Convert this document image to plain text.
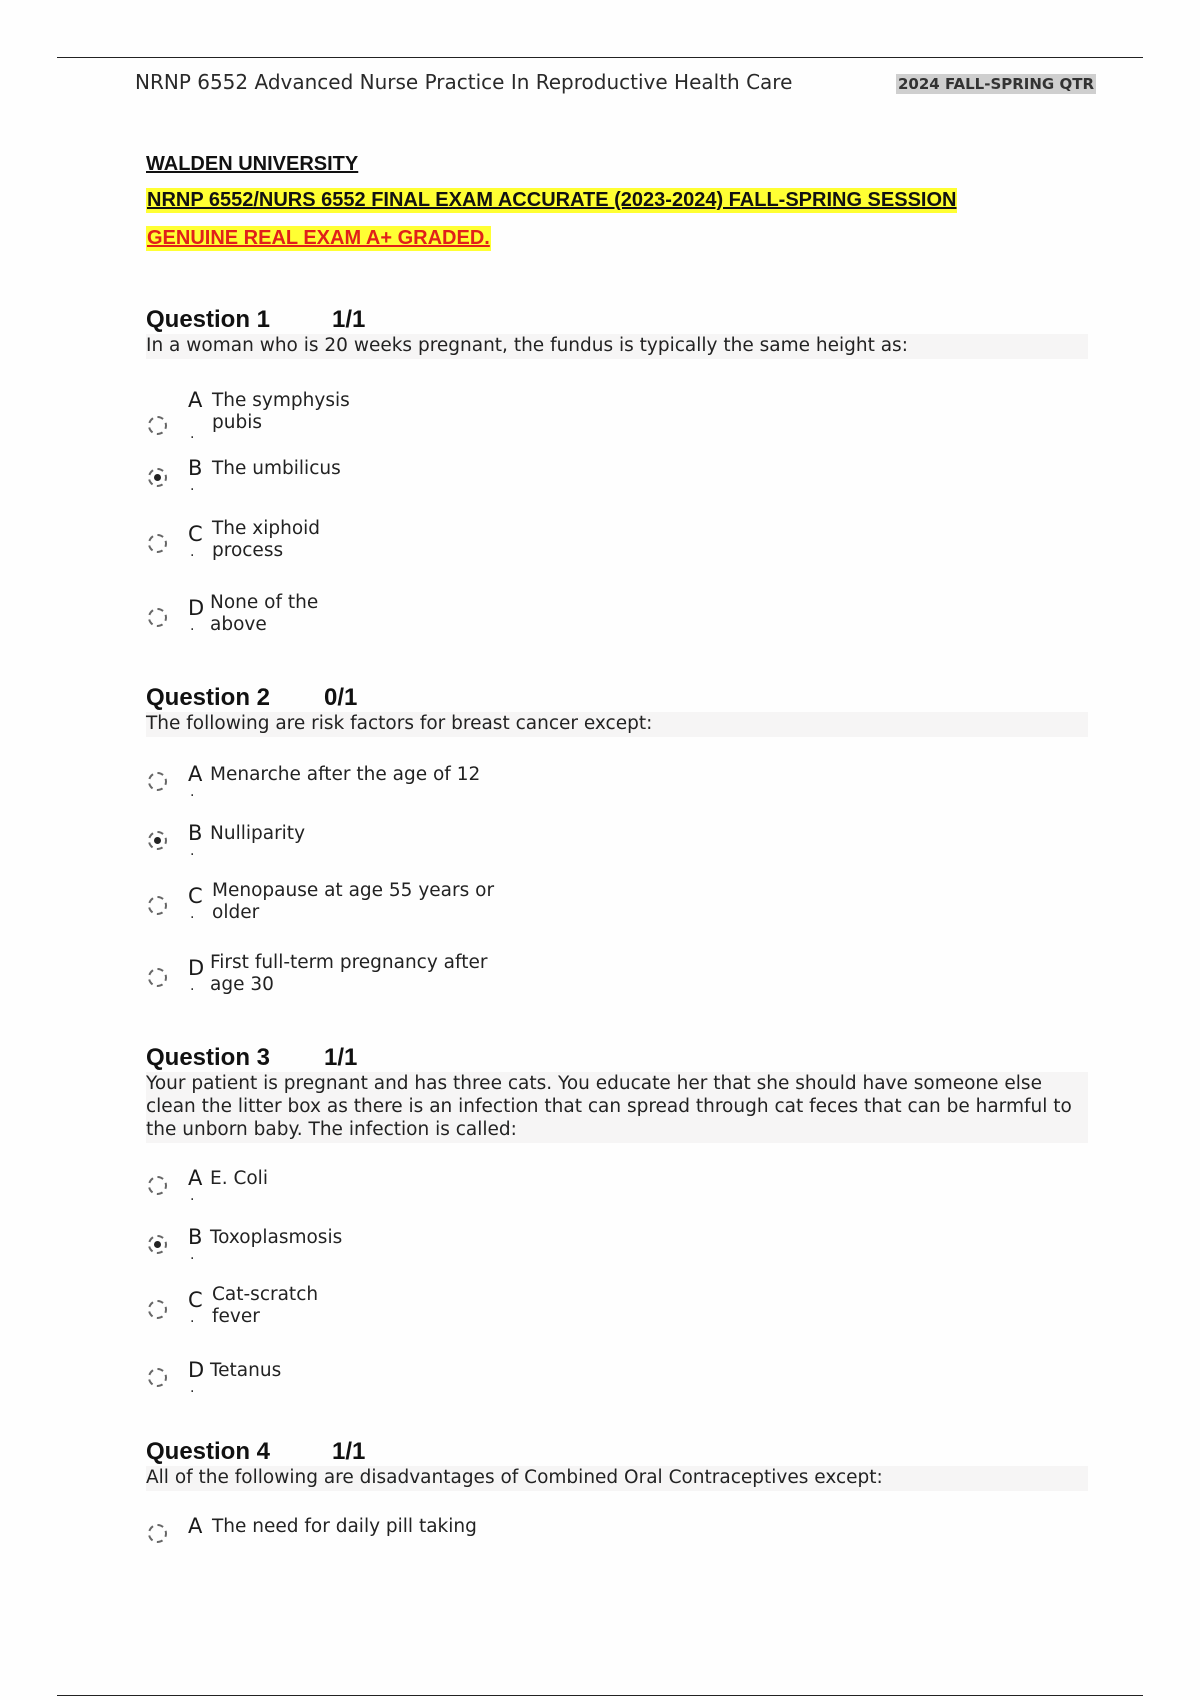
NRNP 6552 Advanced Nurse Practice In Reproductive Health Care	2024 FALL-SPRING QTR
WALDEN UNIVERSITY
NRNP 6552/NURS 6552 FINAL EXAM ACCURATE (2023-2024) FALL-SPRING SESSION
GENUINE REAL EXAM A+ GRADED.
Question 1	1/1
In a woman who is 20 weeks pregnant, the fundus is typically the same height as:
A
.
The symphysis
pubis
B
.
The umbilicus
C
.
The xiphoid
process
D
.
None of the
above
Question 2 0/1
The following are risk factors for breast cancer except:
A
.
Menarche after the age of 12
B
.
Nulliparity
C
.
Menopause at age 55 years or
older
D
.
First full-term pregnancy after
age 30
Question 3 1/1
Your patient is pregnant and has three cats. You educate her that she should have someone else clean the litter box as there is an infection that can spread through cat feces that can be harmful to the unborn baby. The infection is called:
A
.
E. Coli
B
.
Toxoplasmosis
C
.
Cat-scratch
fever
D
.
Tetanus
Question 4	1/1
All of the following are disadvantages of Combined Oral Contraceptives except:
A The need for daily pill taking
